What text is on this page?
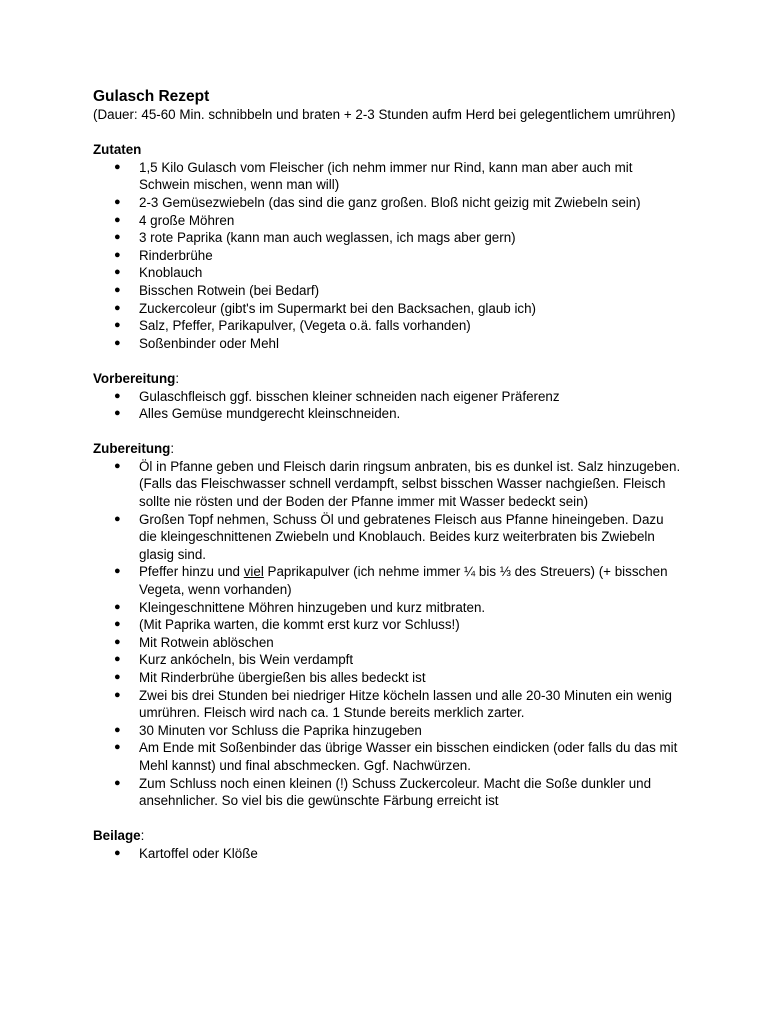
Gulasch Rezept
(Dauer: 45-60 Min. schnibbeln und braten + 2-3 Stunden aufm Herd bei gelegentlichem umrühren)
Zutaten
● 1,5 Kilo Gulasch vom Fleischer (ich nehm immer nur Rind, kann man aber auch mit Schwein mischen, wenn man will)
● 2-3 Gemüsezwiebeln (das sind die ganz großen. Bloß nicht geizig mit Zwiebeln sein)
● 4 große Möhren
● 3 rote Paprika (kann man auch weglassen, ich mags aber gern)
● Rinderbrühe
● Knoblauch
● Bisschen Rotwein (bei Bedarf)
● Zuckercoleur (gibt's im Supermarkt bei den Backsachen, glaub ich)
● Salz, Pfeffer, Parikapulver, (Vegeta o.ä. falls vorhanden)
● Soßenbinder oder Mehl
Vorbereitung:
● Gulaschfleisch ggf. bisschen kleiner schneiden nach eigener Präferenz
● Alles Gemüse mundgerecht kleinschneiden.
Zubereitung:
● Öl in Pfanne geben und Fleisch darin ringsum anbraten, bis es dunkel ist. Salz hinzugeben. (Falls das Fleischwasser schnell verdampft, selbst bisschen Wasser nachgießen. Fleisch sollte nie rösten und der Boden der Pfanne immer mit Wasser bedeckt sein)
● Großen Topf nehmen, Schuss Öl und gebratenes Fleisch aus Pfanne hineingeben. Dazu die kleingeschnittenen Zwiebeln und Knoblauch. Beides kurz weiterbraten bis Zwiebeln glasig sind.
● Pfeffer hinzu und viel Paprikapulver (ich nehme immer ¼ bis ⅓ des Streuers) (+ bisschen Vegeta, wenn vorhanden)
● Kleingeschnittene Möhren hinzugeben und kurz mitbraten.
● (Mit Paprika warten, die kommt erst kurz vor Schluss!)
● Mit Rotwein ablöschen
● Kurz ankócheln, bis Wein verdampft
● Mit Rinderbrühe übergießen bis alles bedeckt ist
● Zwei bis drei Stunden bei niedriger Hitze köcheln lassen und alle 20-30 Minuten ein wenig umrühren. Fleisch wird nach ca. 1 Stunde bereits merklich zarter.
● 30 Minuten vor Schluss die Paprika hinzugeben
● Am Ende mit Soßenbinder das übrige Wasser ein bisschen eindicken (oder falls du das mit Mehl kannst) und final abschmecken. Ggf. Nachwürzen.
● Zum Schluss noch einen kleinen (!) Schuss Zuckercoleur. Macht die Soße dunkler und ansehnlicher. So viel bis die gewünschte Färbung erreicht ist
Beilage:
● Kartoffel oder Klöße
